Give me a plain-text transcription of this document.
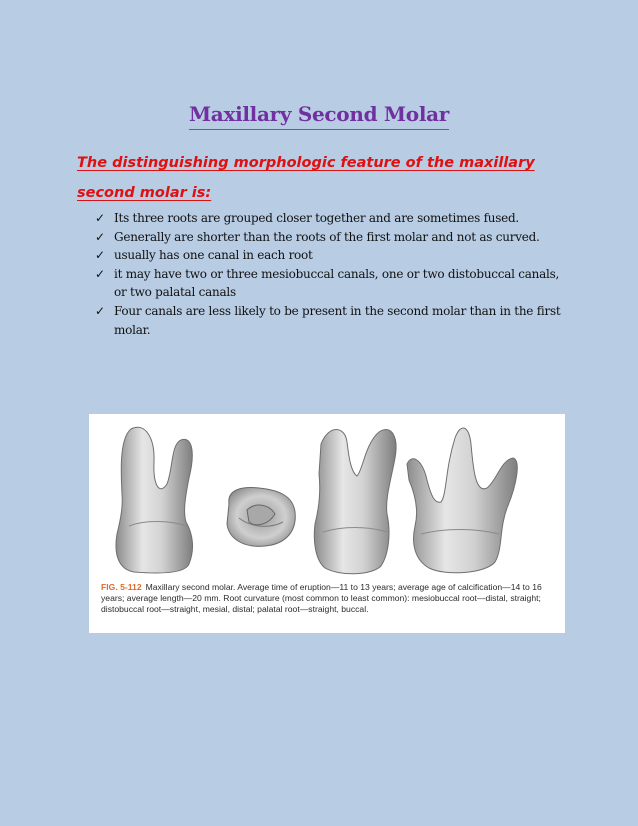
Maxillary Second Molar

The distinguishing morphologic feature of the maxillary second molar is:

✓ Its three roots are grouped closer together and are sometimes fused.
✓ Generally are shorter than the roots of the first molar and not as curved.
✓ usually has one canal in each root
✓ it may have two or three mesiobuccal canals, one or two distobuccal canals, or two palatal canals
✓ Four canals are less likely to be present in the second molar than in the first molar.

FIG. 5-112 Maxillary second molar. Average time of eruption—11 to 13 years; average age of calcification—14 to 16 years; average length—20 mm. Root curvature (most common to least common): mesiobuccal root—distal, straight; distobuccal root—straight, mesial, distal; palatal root—straight, buccal.
